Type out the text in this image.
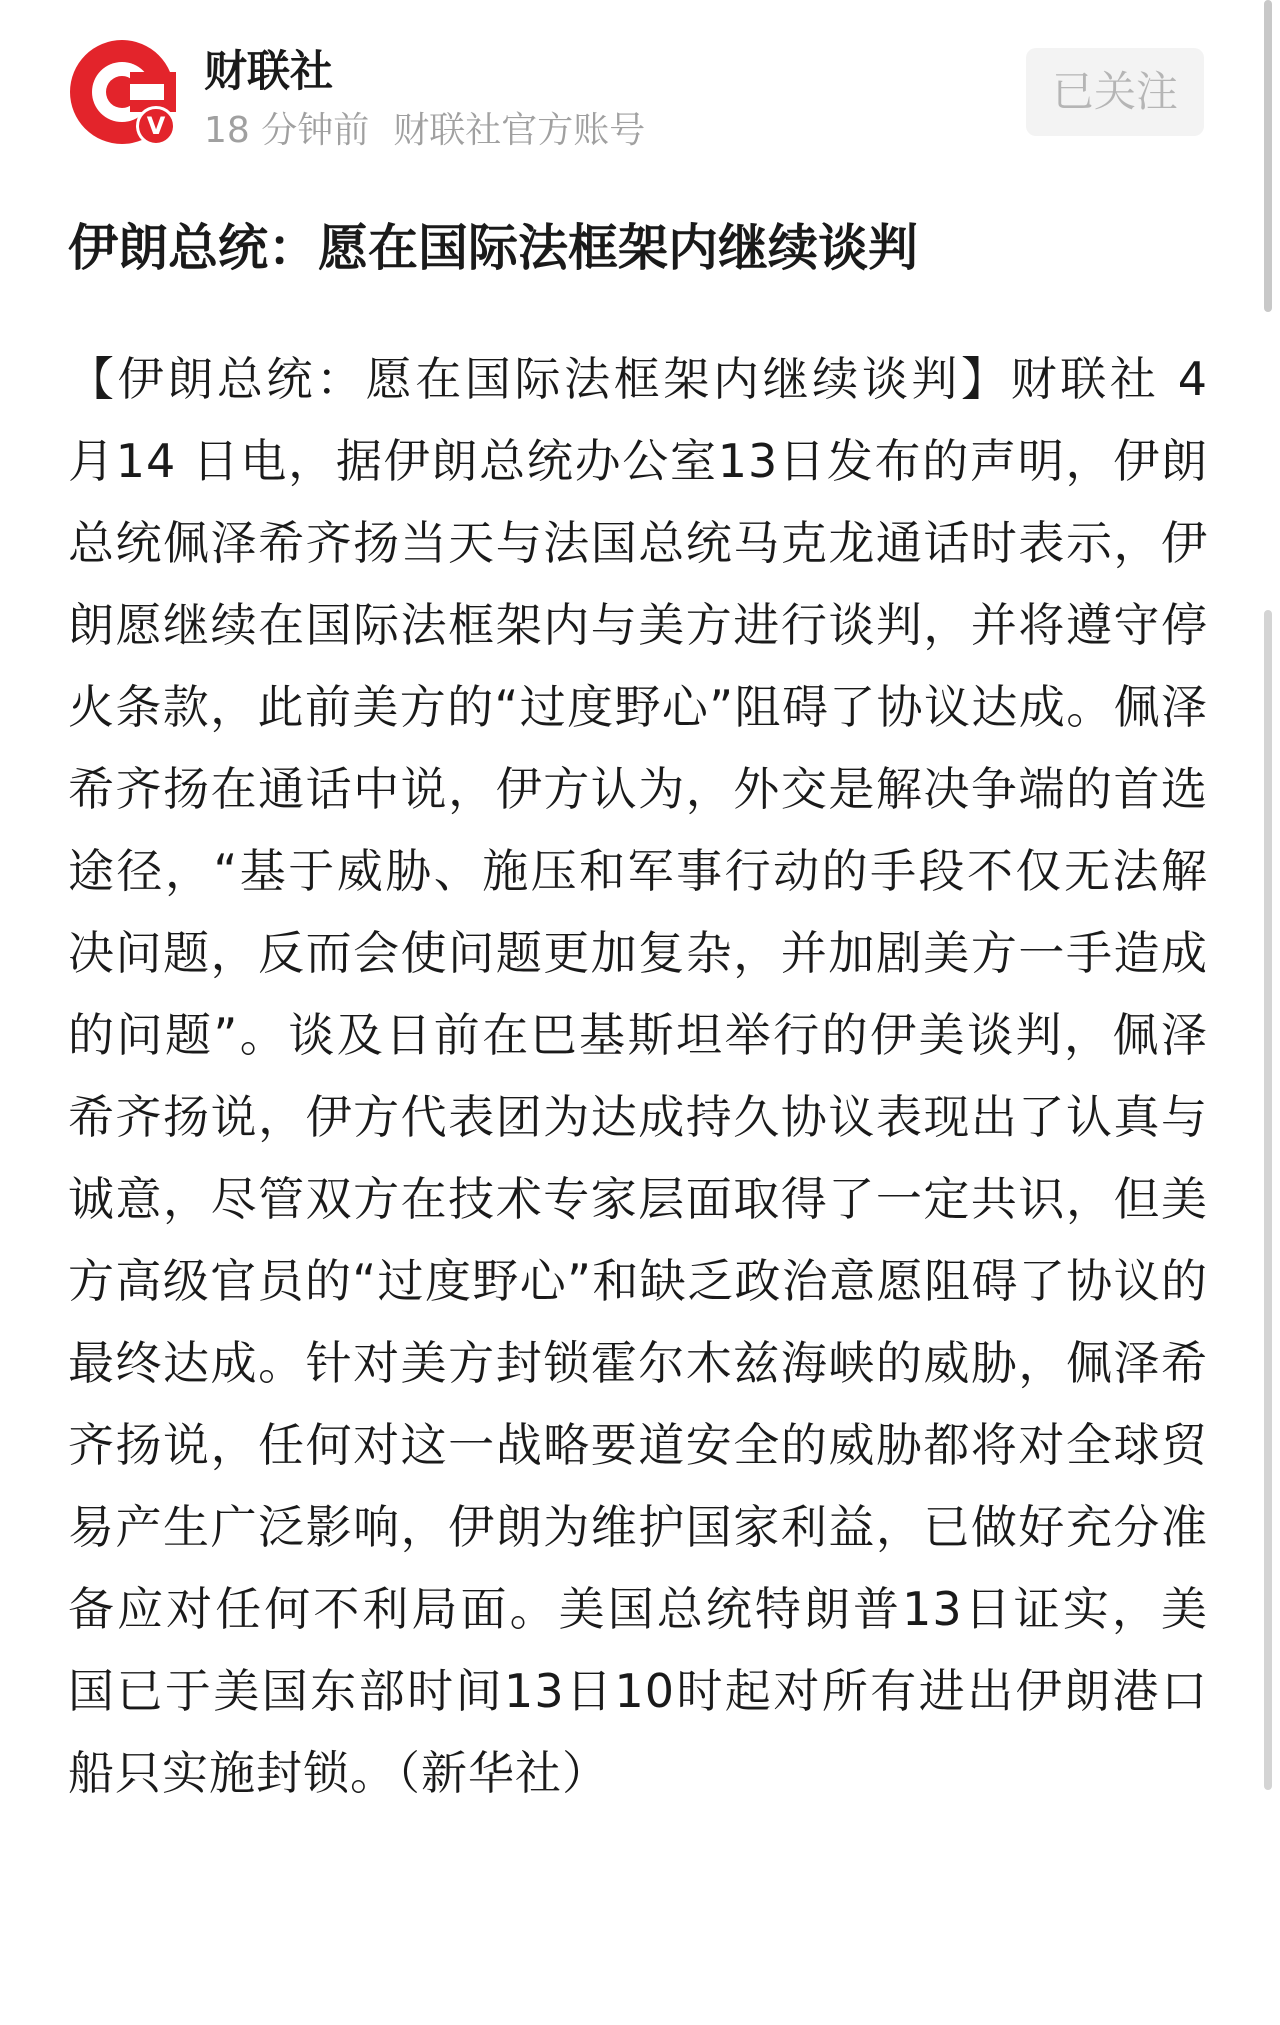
V
财联社
18 分钟前 财联社官方账号
已关注
伊朗总统：愿在国际法框架内继续谈判
【伊朗总统：愿在国际法框架内继续谈判】财联社 4 月14 日电，据伊朗总统办公室13日发布的声明，伊朗总统佩泽希齐扬当天与法国总统马克龙通话时表示，伊朗愿继续在国际法框架内与美方进行谈判，并将遵守停火条款，此前美方的“过度野心”阻碍了协议达成。佩泽希齐扬在通话中说，伊方认为，外交是解决争端的首选途径，“基于威胁、施压和军事行动的手段不仅无法解决问题，反而会使问题更加复杂，并加剧美方一手造成的问题”。谈及日前在巴基斯坦举行的伊美谈判，佩泽希齐扬说，伊方代表团为达成持久协议表现出了认真与诚意，尽管双方在技术专家层面取得了一定共识，但美方高级官员的“过度野心”和缺乏政治意愿阻碍了协议的最终达成。针对美方封锁霍尔木兹海峡的威胁，佩泽希齐扬说，任何对这一战略要道安全的威胁都将对全球贸易产生广泛影响，伊朗为维护国家利益，已做好充分准备应对任何不利局面。美国总统特朗普13日证实，美国已于美国东部时间13日10时起对所有进出伊朗港口船只实施封锁。（新华社）
